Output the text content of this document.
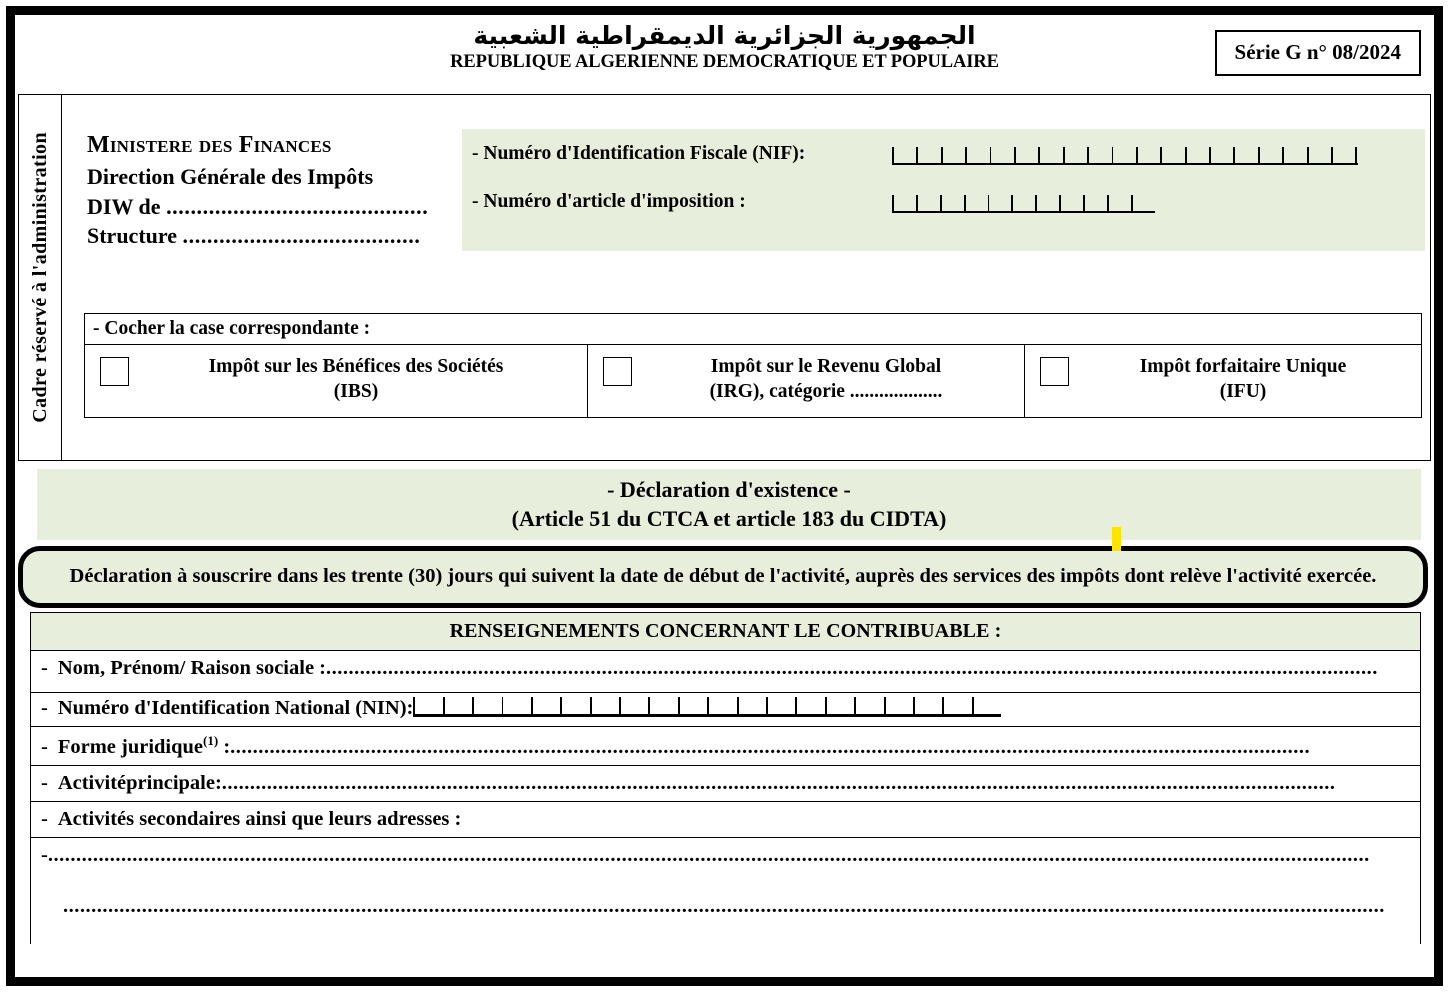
الجمهورية الجزائرية الديمقراطية الشعبية
REPUBLIQUE ALGERIENNE DEMOCRATIQUE ET POPULAIRE	Série G n° 08/2024
Cadre réservé à l'administration Ministere des Finances
Direction Générale des Impôts
DIW de ...........................................
Structure .......................................
- Numéro d'Identification Fiscale (NIF):
- Numéro d'article d'imposition :
- Cocher la case correspondante :
Impôt sur les Bénéfices des Sociétés
(IBS)
Impôt sur le Revenu Global
(IRG), catégorie ...................
Impôt forfaitaire Unique
(IFU)
- Déclaration d'existence -
(Article 51 du CTCA et article 183 du CIDTA)
Déclaration à souscrire dans les trente (30) jours qui suivent la date de début de l'activité, auprès des services des impôts dont relève l'activité exercée.
RENSEIGNEMENTS CONCERNANT LE CONTRIBUABLE :
- Nom, Prénom/ Raison sociale : ...........................................................................................................................................................................................
- Numéro d'Identification National (NIN):
- Forme juridique$^{(1)}$ : ................................................................................................................................................................................................
- Activitéprincipale: ......................................................................................................................................................................................................
- Activités secondaires ainsi que leurs adresses :
- ...........................................................................................................................................................................................................................................
...........................................................................................................................................................................................................................................
